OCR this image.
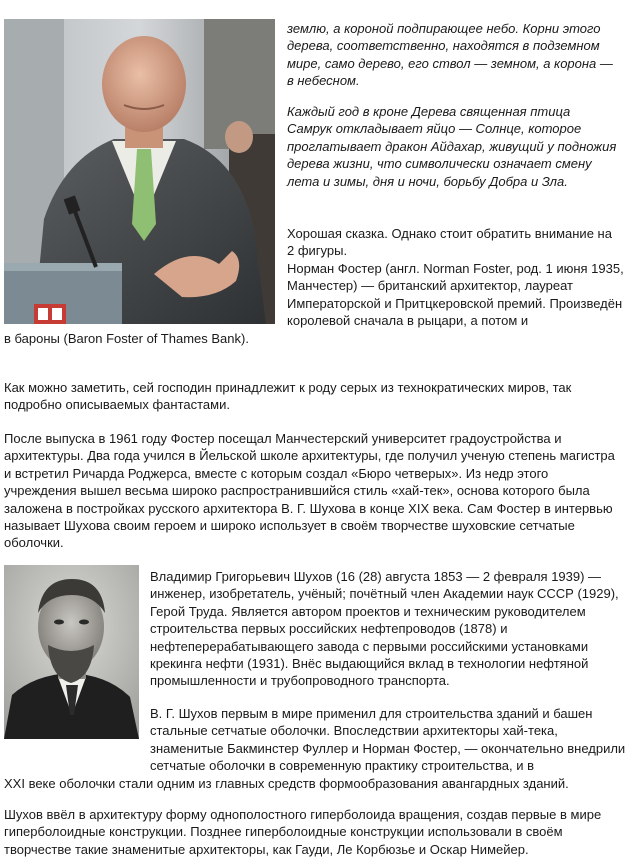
землю, а короной подпирающее небо. Корни этого дерева, соответственно, находятся в подземном мире, само дерево, его ствол — земном, а корона — в небесном.

Каждый год в кроне Дерева священная птица Самрук откладывает яйцо — Солнце, которое проглатывает дракон Айдахар, живущий у подножия дерева жизни, что символически означает смену лета и зимы, дня и ночи, борьбу Добра и Зла.

Хорошая сказка. Однако стоит обратить внимание на 2 фигуры.

Норман Фостер (англ. Norman Foster, род. 1 июня 1935, Манчестер) — британский архитектор, лауреат Императорской и Притцкеровской премий. Произведён королевой сначала в рыцари, а потом и

в бароны (Baron Foster of Thames Bank).

Как можно заметить, сей господин принадлежит к роду серых из технократических миров, так подробно описываемых фантастами.

После выпуска в 1961 году Фостер посещал Манчестерский университет градоустройства и архитектуры. Два года учился в Йельской школе архитектуры, где получил ученую степень магистра и встретил Ричарда Роджерса, вместе с которым создал «Бюро четверых». Из недр этого учреждения вышел весьма широко распространившийся стиль «хай-тек», основа которого была заложена в постройках русского архитектора В. Г. Шухова в конце XIX века. Сам Фостер в интервью называет Шухова своим героем и широко использует в своём творчестве шуховские сетчатые оболочки.

Владимир Григорьевич Шухов (16 (28) августа 1853 — 2 февраля 1939) — инженер, изобретатель, учёный; почётный член Академии наук СССР (1929), Герой Труда. Является автором проектов и техническим руководителем строительства первых российских нефтепроводов (1878) и нефтеперерабатывающего завода с первыми российскими установками крекинга нефти (1931). Внёс выдающийся вклад в технологии нефтяной промышленности и трубопроводного транспорта.

В. Г. Шухов первым в мире применил для строительства зданий и башен стальные сетчатые оболочки. Впоследствии архитекторы хай-тека, знаменитые Бакминстер Фуллер и Норман Фостер, — окончательно внедрили сетчатые оболочки в современную практику строительства, и в

XXI веке оболочки стали одним из главных средств формообразования авангардных зданий.

Шухов ввёл в архитектуру форму однополостного гиперболоида вращения, создав первые в мире гиперболоидные конструкции. Позднее гиперболоидные конструкции использовали в своём творчестве такие знаменитые архитекторы, как Гауди, Ле Корбюзье и Оскар Нимейер.
